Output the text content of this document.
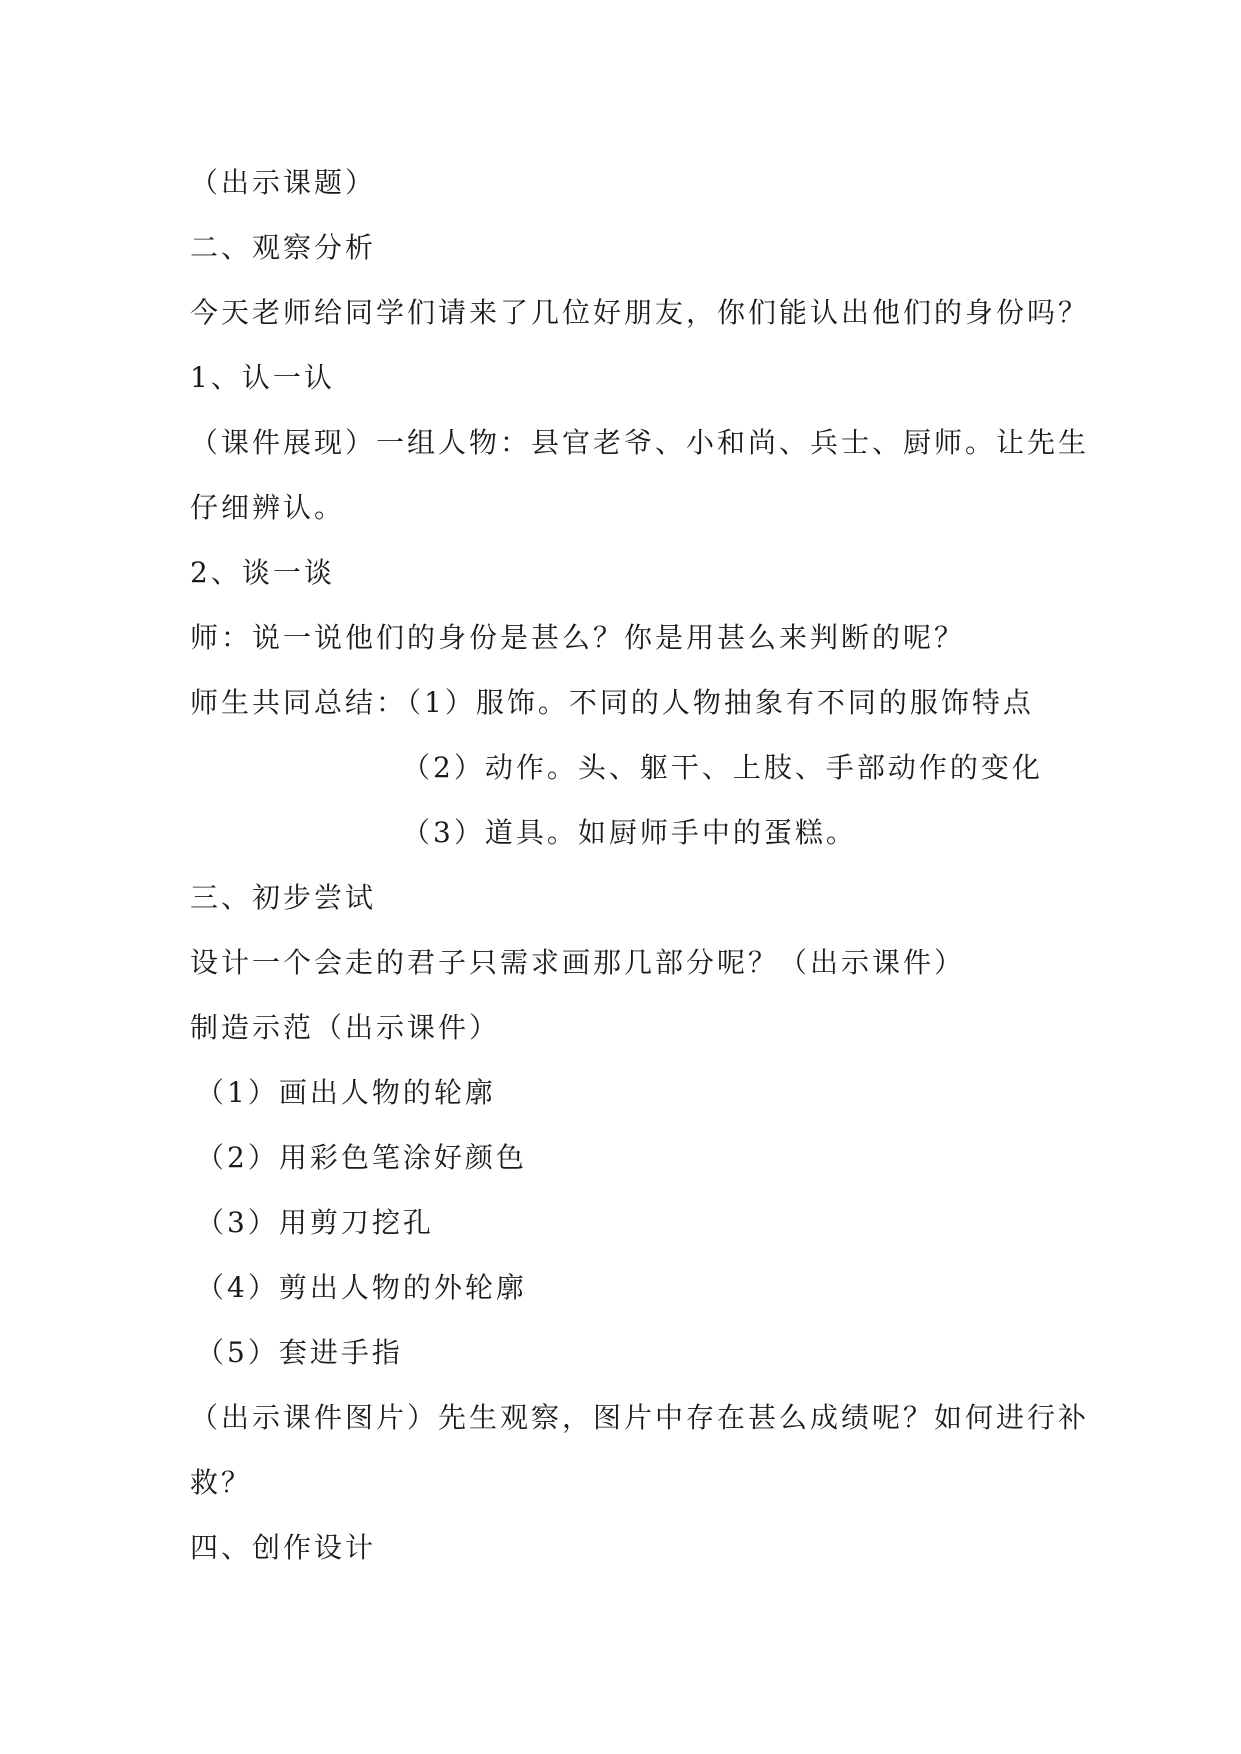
（出示课题）
二、观察分析
今天老师给同学们请来了几位好朋友，你们能认出他们的身份吗？
1、认一认
（课件展现）一组人物：县官老爷、小和尚、兵士、厨师。让先生
仔细辨认。
2、谈一谈
师：说一说他们的身份是甚么？你是用甚么来判断的呢？
师生共同总结：（1）服饰。不同的人物抽象有不同的服饰特点
（2）动作。头、躯干、上肢、手部动作的变化
（3）道具。如厨师手中的蛋糕。
三、初步尝试
设计一个会走的君子只需求画那几部分呢？（出示课件）
制造示范（出示课件）
（1）画出人物的轮廓
（2）用彩色笔涂好颜色
（3）用剪刀挖孔
（4）剪出人物的外轮廓
（5）套进手指
（出示课件图片）先生观察，图片中存在甚么成绩呢？如何进行补
救？
四、创作设计
